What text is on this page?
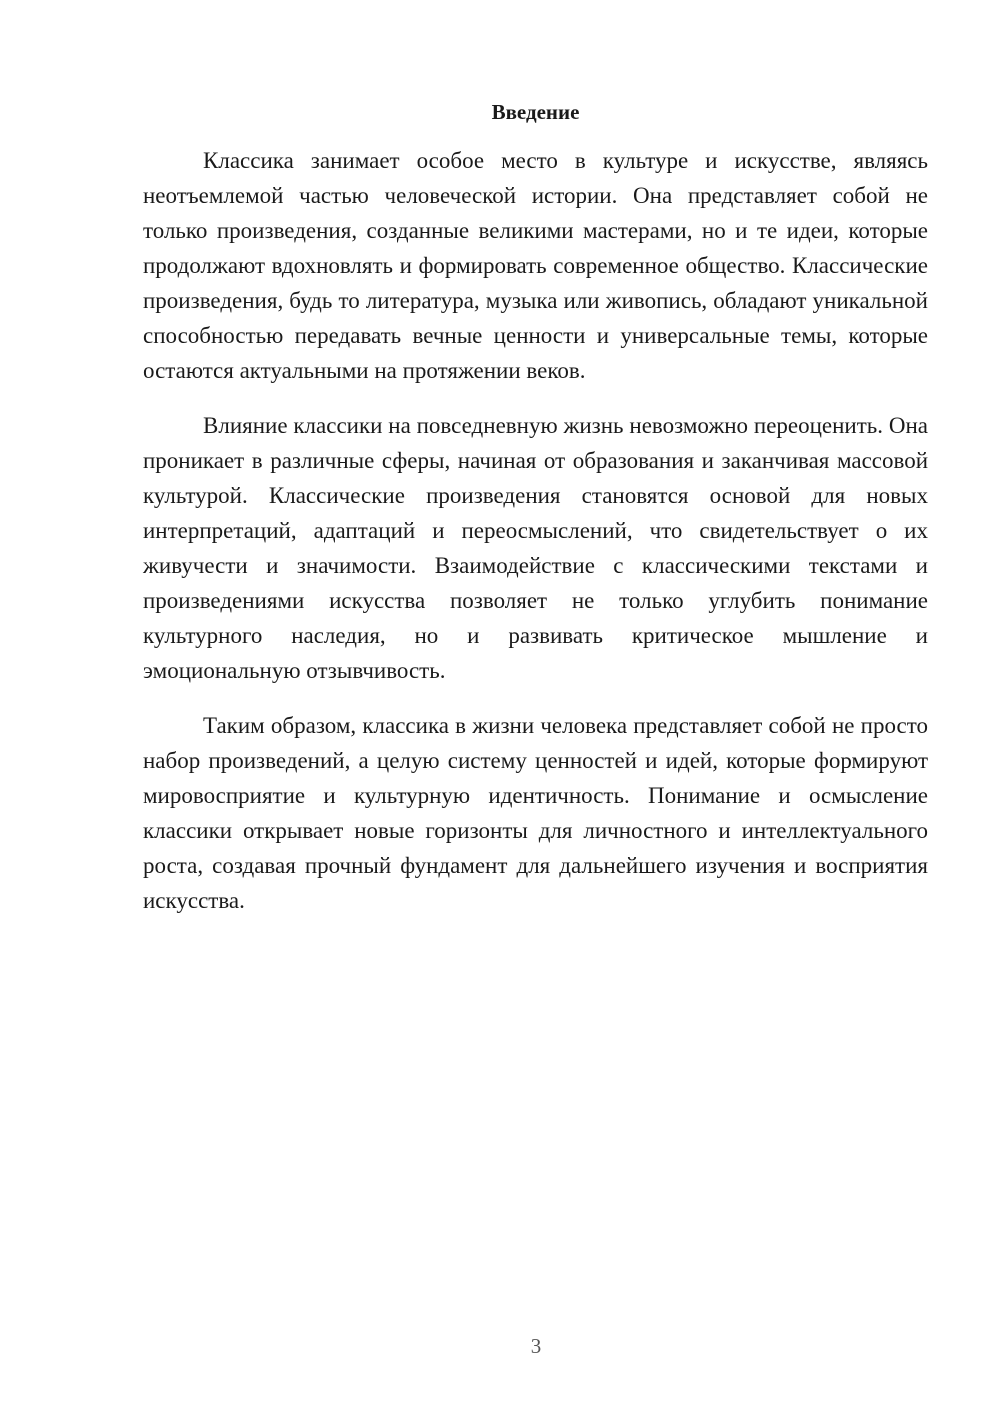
Введение

Классика занимает особое место в культуре и искусстве, являясь неотъемлемой частью человеческой истории. Она представляет собой не только произведения, созданные великими мастерами, но и те идеи, которые продолжают вдохновлять и формировать современное общество. Классические произведения, будь то литература, музыка или живопись, обладают уникальной способностью передавать вечные ценности и универсальные темы, которые остаются актуальными на протяжении веков.

Влияние классики на повседневную жизнь невозможно переоценить. Она проникает в различные сферы, начиная от образования и заканчивая массовой культурой. Классические произведения становятся основой для новых интерпретаций, адаптаций и переосмыслений, что свидетельствует о их живучести и значимости. Взаимодействие с классическими текстами и произведениями искусства позволяет не только углубить понимание культурного наследия, но и развивать критическое мышление и эмоциональную отзывчивость.

Таким образом, классика в жизни человека представляет собой не просто набор произведений, а целую систему ценностей и идей, которые формируют мировосприятие и культурную идентичность. Понимание и осмысление классики открывает новые горизонты для личностного и интеллектуального роста, создавая прочный фундамент для дальнейшего изучения и восприятия искусства.

3
